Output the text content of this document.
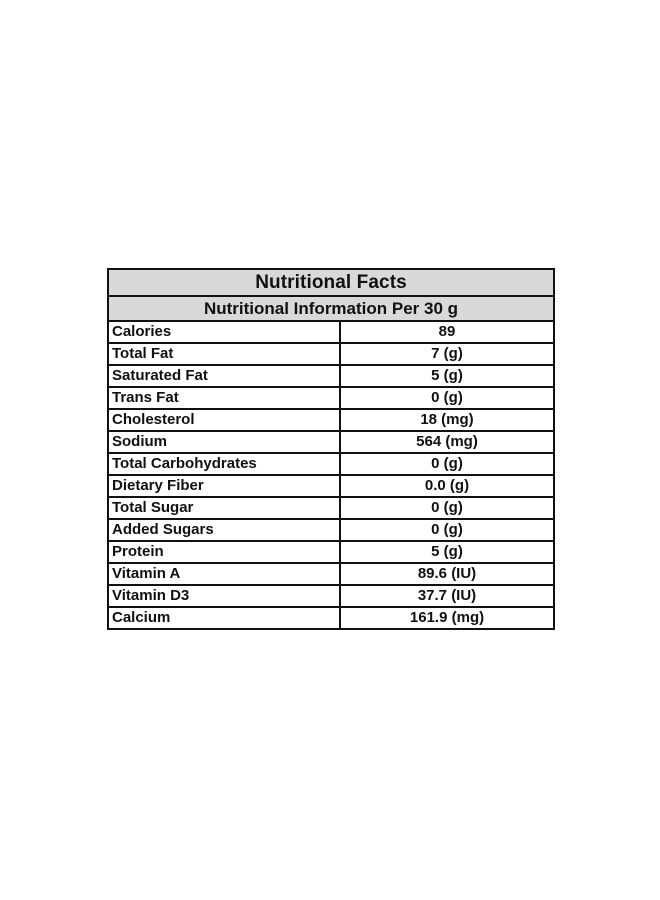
Nutritional Facts	
Nutritional Information Per 30 g	
Calories	89
Total Fat	7 (g)
Saturated Fat	5 (g)
Trans Fat	0 (g)
Cholesterol	18 (mg)
Sodium	564 (mg)
Total Carbohydrates	0 (g)
Dietary Fiber	0.0 (g)
Total Sugar	0 (g)
Added Sugars	0 (g)
Protein	5 (g)
Vitamin A	89.6 (IU)
Vitamin D3	37.7 (IU)
Calcium	161.9 (mg)
